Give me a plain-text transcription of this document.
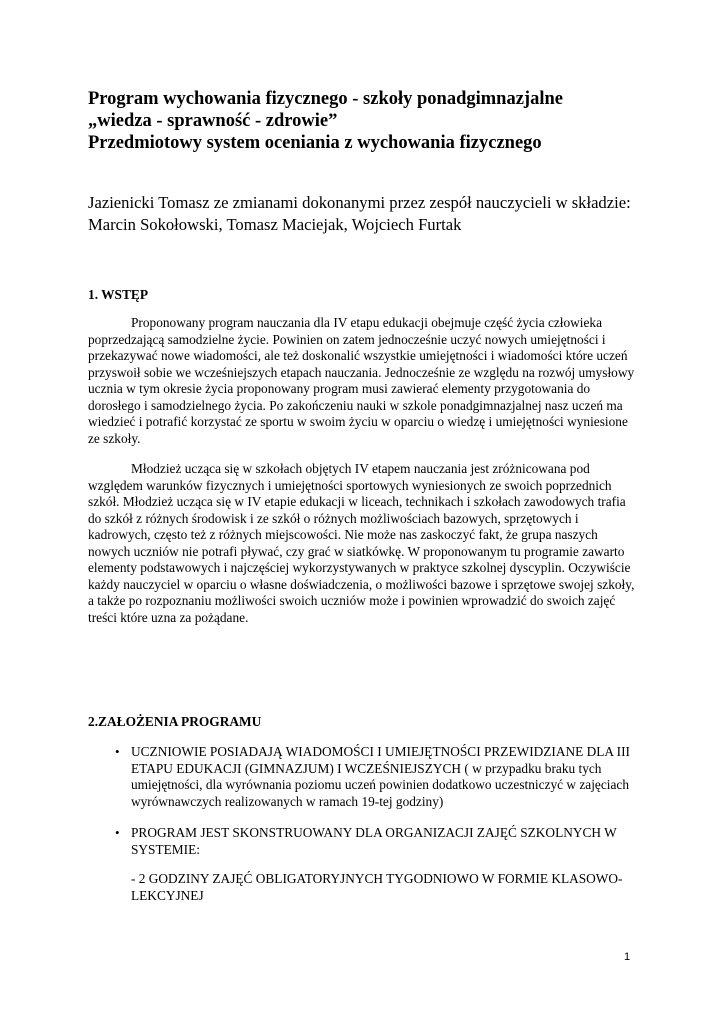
Program wychowania fizycznego - szkoły ponadgimnazjalne
„wiedza - sprawność - zdrowie”
Przedmiotowy system oceniania z wychowania fizycznego
Jazienicki Tomasz ze zmianami dokonanymi przez zespół nauczycieli w składzie: Marcin Sokołowski, Tomasz Maciejak, Wojciech Furtak
1. WSTĘP

Proponowany program nauczania dla IV etapu edukacji obejmuje część życia człowieka poprzedzającą samodzielne życie. Powinien on zatem jednocześnie uczyć nowych umiejętności i przekazywać nowe wiadomości, ale też doskonalić wszystkie umiejętności i wiadomości które uczeń przyswoił sobie we wcześniejszych etapach nauczania. Jednocześnie ze względu na rozwój umysłowy ucznia w tym okresie życia proponowany program musi zawierać elementy przygotowania do dorosłego i samodzielnego życia. Po zakończeniu nauki w szkole ponadgimnazjalnej nasz uczeń ma wiedzieć i potrafić korzystać ze sportu w swoim życiu w oparciu o wiedzę i umiejętności wyniesione ze szkoły.

Młodzież ucząca się w szkołach objętych IV etapem nauczania jest zróżnicowana pod względem warunków fizycznych i umiejętności sportowych wyniesionych ze swoich poprzednich szkół. Młodzież ucząca się w IV etapie edukacji w liceach, technikach i szkołach zawodowych trafia do szkół z różnych środowisk i ze szkół o różnych możliwościach bazowych, sprzętowych i kadrowych, często też z różnych miejscowości. Nie może nas zaskoczyć fakt, że grupa naszych nowych uczniów nie potrafi pływać, czy grać w siatkówkę. W proponowanym tu programie zawarto elementy podstawowych i najczęściej wykorzystywanych w praktyce szkolnej dyscyplin. Oczywiście każdy nauczyciel w oparciu o własne doświadczenia, o możliwości bazowe i sprzętowe swojej szkoły, a także po rozpoznaniu możliwości swoich uczniów może i powinien wprowadzić do swoich zajęć treści które uzna za pożądane.

2.ZAŁOŻENIA PROGRAMU
• UCZNIOWIE POSIADAJĄ WIADOMOŚCI I UMIEJĘTNOŚCI PRZEWIDZIANE DLA III ETAPU EDUKACJI (GIMNAZJUM) I WCZEŚNIEJSZYCH ( w przypadku braku tych umiejętności, dla wyrównania poziomu uczeń powinien dodatkowo uczestniczyć w zajęciach wyrównawczych realizowanych w ramach 19-tej godziny)
• PROGRAM JEST SKONSTRUOWANY DLA ORGANIZACJI ZAJĘĆ SZKOLNYCH W SYSTEMIE:
- 2 GODZINY ZAJĘĆ OBLIGATORYJNYCH TYGODNIOWO W FORMIE KLASOWO-LEKCYJNEJ
1
